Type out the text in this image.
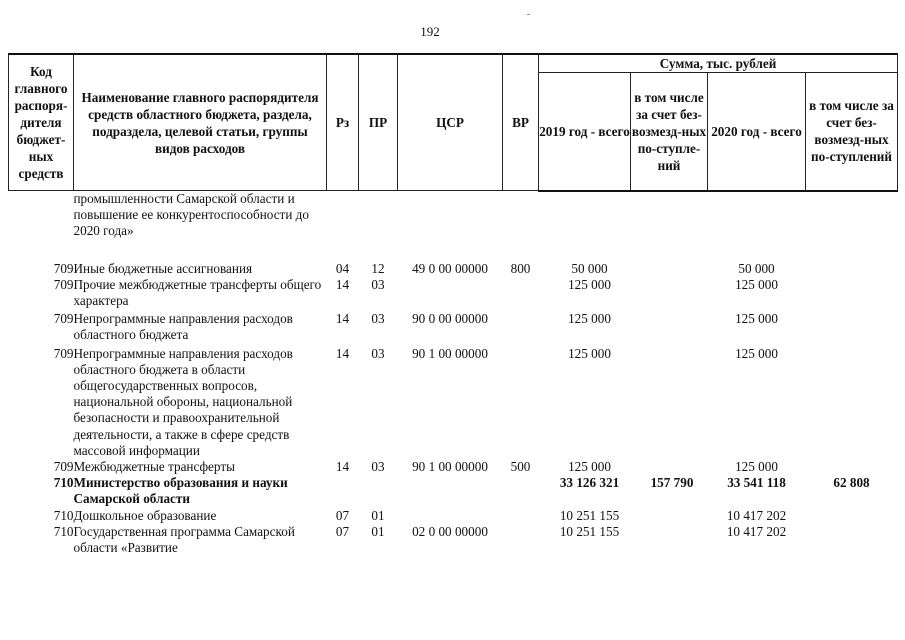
192
Код главного распоря-дителя бюджет-ных средств	Наименование главного распорядителя средств областного бюджета, раздела, подраздела, целевой статьи, группы видов расходов	Рз	ПР	ЦСР	ВР	Сумма, тыс. рублей			
						2019 год - всего	в том числе за счет без-возмезд-ных по-ступле-ний	2020 год - всего	в том числе за счет без-возмезд-ных по-ступлений
	промышленности Самарской области и повышение ее конкурентоспособности до 2020 года»								
709	Иные бюджетные ассигнования	04	12	49 0 00 00000	800	50 000		50 000	
709	Прочие межбюджетные трансферты общего характера	14	03			125 000		125 000	
709	Непрограммные направления расходов областного бюджета	14	03	90 0 00 00000		125 000		125 000	
709	Непрограммные направления расходов областного бюджета в области общегосударственных вопросов, национальной обороны, национальной безопасности и правоохранительной деятельности, а также в сфере средств массовой информации	14	03	90 1 00 00000		125 000		125 000	
709	Межбюджетные трансферты	14	03	90 1 00 00000	500	125 000		125 000	
710	Министерство образования и науки Самарской области					33 126 321	157 790	33 541 118	62 808
710	Дошкольное образование	07	01			10 251 155		10 417 202	
710	Государственная программа Самарской области «Развитие	07	01	02 0 00 00000		10 251 155		10 417 202	
